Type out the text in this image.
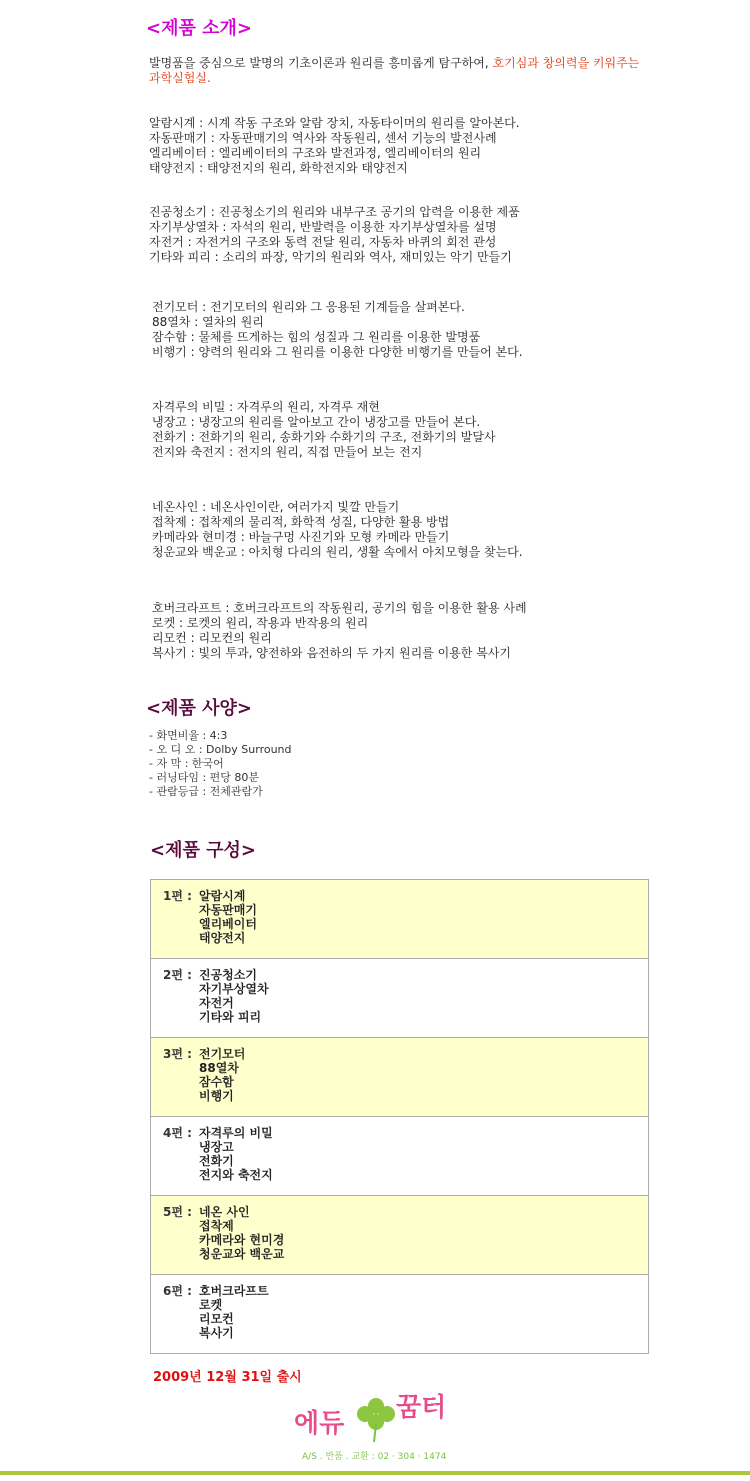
<제품 소개>
발명품을 중심으로 발명의 기초이론과 원리를 흥미롭게 탐구하여, 호기심과 창의력을 키워주는 과학실험실.
알람시계 : 시계 작동 구조와 알람 장치, 자동타이머의 원리를 알아본다.
자동판매기 : 자동판매기의 역사와 작동원리, 센서 기능의 발전사례
엘리베이터 : 엘리베이터의 구조와 발전과정, 엘리베이터의 원리
태양전지 : 태양전지의 원리, 화학전지와 태양전지
진공청소기 : 진공청소기의 원리와 내부구조 공기의 압력을 이용한 제품
자기부상열차 : 자석의 원리, 반발력을 이용한 자기부상열차를 설명
자전거 : 자전거의 구조와 동력 전달 원리, 자동차 바퀴의 회전 관성
기타와 피리 : 소리의 파장, 악기의 원리와 역사, 재미있는 악기 만들기
전기모터 : 전기모터의 원리와 그 응용된 기계들을 살펴본다.
88열차 : 열차의 원리
잠수함 : 물체를 뜨게하는 힘의 성질과 그 원리를 이용한 발명품
비행기 : 양력의 원리와 그 원리를 이용한 다양한 비행기를 만들어 본다.
자격루의 비밀 : 자격루의 원리, 자격루 재현
냉장고 : 냉장고의 원리를 알아보고 간이 냉장고를 만들어 본다.
전화기 : 전화기의 원리, 송화기와 수화기의 구조, 전화기의 발달사
전지와 축전지 : 전지의 원리, 직접 만들어 보는 전지
네온사인 : 네온사인이란, 여러가지 빛깔 만들기
접착제 : 접착제의 물리적, 화학적 성질, 다양한 활용 방법
카메라와 현미경 : 바늘구멍 사진기와 모형 카메라 만들기
청운교와 백운교 : 아치형 다리의 원리, 생활 속에서 아치모형을 찾는다.
호버크라프트 : 호버크라프트의 작동원리, 공기의 힘을 이용한 활용 사례
로켓 : 로켓의 원리, 작용과 반작용의 원리
리모컨 : 리모컨의 원리
복사기 : 빛의 투과, 양전하와 음전하의 두 가지 원리를 이용한 복사기
<제품 사양>
- 화면비율 : 4:3
- 오 디 오 : Dolby Surround
- 자 막 : 한국어
- 러닝타임 : 편당 80분
- 관람등급 : 전체관람가
<제품 구성>
1편 : 알람시계
자동판매기
엘리베이터
태양전지

2편 : 진공청소기
자기부상열차
자전거
기타와 피리

3편 : 전기모터
88열차
잠수함
비행기

4편 : 자격루의 비밀
냉장고
전화기
전지와 축전지

5편 : 네온 사인
접착제
카메라와 현미경
청운교와 백운교

6편 : 호버크라프트
로켓
리모컨
복사기
2009년 12월 31일 출시
에듀
꿈터
A/S . 반품 . 교환 : 02 · 304 · 1474
